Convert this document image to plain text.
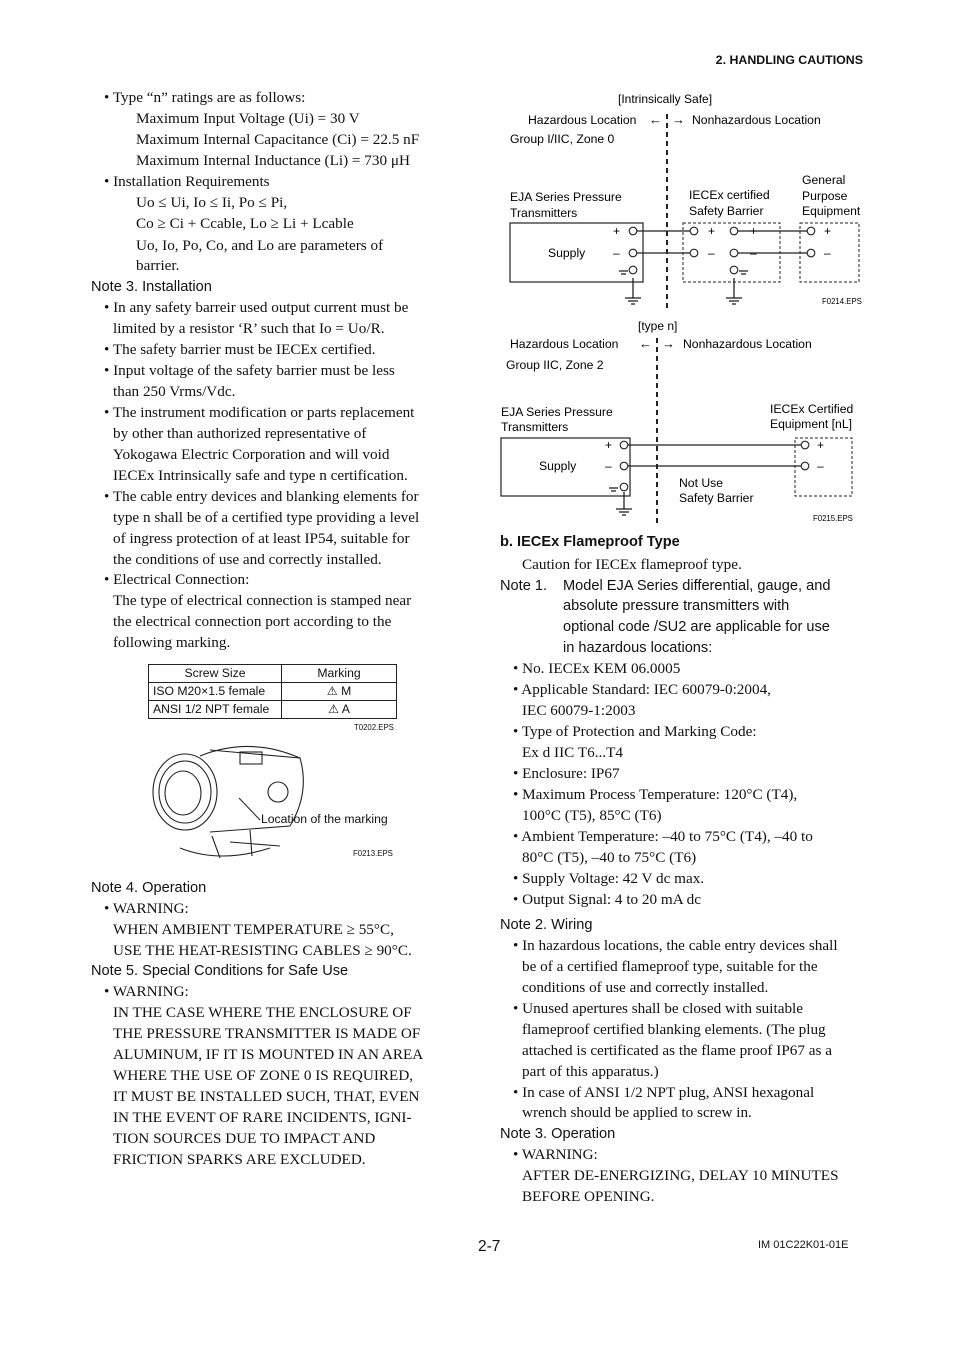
2. HANDLING CAUTIONS
• Type “n” ratings are as follows:
Maximum Input Voltage (Ui) = 30 V
Maximum Internal Capacitance (Ci) = 22.5 nF
Maximum Internal Inductance (Li) = 730 μH
• Installation Requirements
Uo ≤ Ui, Io ≤ Ii, Po ≤ Pi,
Co ≥ Ci + Ccable, Lo ≥ Li + Lcable
Uo, Io, Po, Co, and Lo are parameters of
barrier.
Note 3. Installation
• In any safety barreir used output current must be
limited by a resistor ‘R’ such that Io = Uo/R.
• The safety barrier must be IECEx certified.
• Input voltage of the safety barrier must be less
than 250 Vrms/Vdc.
• The instrument modification or parts replacement
by other than authorized representative of
Yokogawa Electric Corporation and will void
IECEx Intrinsically safe and type n certification.
• The cable entry devices and blanking elements for
type n shall be of a certified type providing a level
of ingress protection of at least IP54, suitable for
the conditions of use and correctly installed.
• Electrical Connection:
The type of electrical connection is stamped near
the electrical connection port according to the
following marking.
Screw Size	Marking
ISO M20×1.5 female	⚠ M
ANSI 1/2 NPT female	⚠ A
T0202.EPS
Location of the marking
F0213.EPS
Note 4. Operation
• WARNING:
WHEN AMBIENT TEMPERATURE ≥ 55°C,
USE THE HEAT-RESISTING CABLES ≥ 90°C.
Note 5. Special Conditions for Safe Use
• WARNING:
IN THE CASE WHERE THE ENCLOSURE OF
THE PRESSURE TRANSMITTER IS MADE OF
ALUMINUM, IF IT IS MOUNTED IN AN AREA
WHERE THE USE OF ZONE 0 IS REQUIRED,
IT MUST BE INSTALLED SUCH, THAT, EVEN
IN THE EVENT OF RARE INCIDENTS, IGNI-
TION SOURCES DUE TO IMPACT AND
FRICTION SPARKS ARE EXCLUDED.
[Intrinsically Safe]
Hazardous Location ← → Nonhazardous Location
Group I/IIC, Zone 0
EJA Series Pressure
Transmitters
IECEx certified
Safety Barrier
General
Purpose
Equipment
Supply
+
–
+
–
+
–
+
–
F0214.EPS
[type n]
Hazardous Location ← → Nonhazardous Location
Group IIC, Zone 2
EJA Series Pressure
Transmitters
IECEx Certified
Equipment [nL]
Supply
+
–
+
–
Not Use
Safety Barrier
F0215.EPS
b. IECEx Flameproof Type
Caution for IECEx flameproof type.
Note 1. Model EJA Series differential, gauge, and
absolute pressure transmitters with
optional code /SU2 are applicable for use
in hazardous locations:
• No. IECEx KEM 06.0005
• Applicable Standard: IEC 60079-0:2004,
IEC 60079-1:2003
• Type of Protection and Marking Code:
Ex d IIC T6...T4
• Enclosure: IP67
• Maximum Process Temperature: 120°C (T4),
100°C (T5), 85°C (T6)
• Ambient Temperature: –40 to 75°C (T4), –40 to
80°C (T5), –40 to 75°C (T6)
• Supply Voltage: 42 V dc max.
• Output Signal: 4 to 20 mA dc
Note 2. Wiring
• In hazardous locations, the cable entry devices shall
be of a certified flameproof type, suitable for the
conditions of use and correctly installed.
• Unused apertures shall be closed with suitable
flameproof certified blanking elements. (The plug
attached is certificated as the flame proof IP67 as a
part of this apparatus.)
• In case of ANSI 1/2 NPT plug, ANSI hexagonal
wrench should be applied to screw in.
Note 3. Operation
• WARNING:
AFTER DE-ENERGIZING, DELAY 10 MINUTES
BEFORE OPENING.
2-7	IM 01C22K01-01E
